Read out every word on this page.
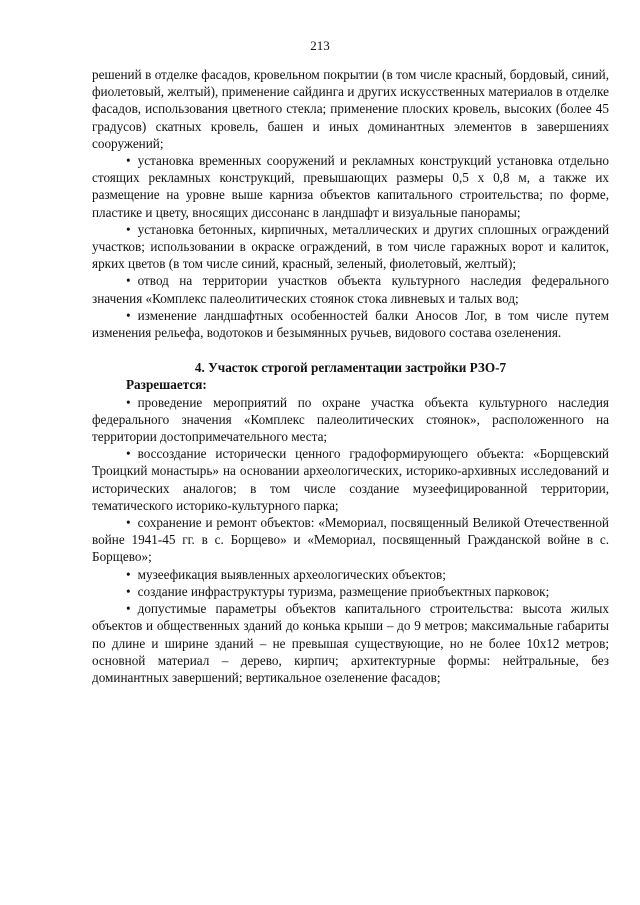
213

решений в отделке фасадов, кровельном покрытии (в том числе красный, бордовый, синий, фиолетовый, желтый), применение сайдинга и других искусственных материалов в отделке фасадов, использования цветного стекла; применение плоских кровель, высоких (более 45 градусов) скатных кровель, башен и иных доминантных элементов в завершениях сооружений;

• установка временных сооружений и рекламных конструкций установка отдельно стоящих рекламных конструкций, превышающих размеры 0,5 х 0,8 м, а также их размещение на уровне выше карниза объектов капитального строительства; по форме, пластике и цвету, вносящих диссонанс в ландшафт и визуальные панорамы;

• установка бетонных, кирпичных, металлических и других сплошных ограждений участков; использовании в окраске ограждений, в том числе гаражных ворот и калиток, ярких цветов (в том числе синий, красный, зеленый, фиолетовый, желтый);

• отвод на территории участков объекта культурного наследия федерального значения «Комплекс палеолитических стоянок стока ливневых и талых вод;

• изменение ландшафтных особенностей балки Аносов Лог, в том числе путем изменения рельефа, водотоков и безымянных ручьев, видового состава озеленения.

4. Участок строгой регламентации застройки РЗО-7

Разрешается:

• проведение мероприятий по охране участка объекта культурного наследия федерального значения «Комплекс палеолитических стоянок», расположенного на территории достопримечательного места;

• воссоздание исторически ценного градоформирующего объекта: «Борщевский Троицкий монастырь» на основании археологических, историко-архивных исследований и исторических аналогов; в том числе создание музеефицированной территории, тематического историко-культурного парка;

• сохранение и ремонт объектов: «Мемориал, посвященный Великой Отечественной войне 1941-45 гг. в с. Борщево» и «Мемориал, посвященный Гражданской войне в с. Борщево»;

• музеефикация выявленных археологических объектов;

• создание инфраструктуры туризма, размещение приобъектных парковок;

• допустимые параметры объектов капитального строительства: высота жилых объектов и общественных зданий до конька крыши – до 9 метров; максимальные габариты по длине и ширине зданий – не превышая существующие, но не более 10х12 метров; основной материал – дерево, кирпич; архитектурные формы: нейтральные, без доминантных завершений; вертикальное озеленение фасадов;
